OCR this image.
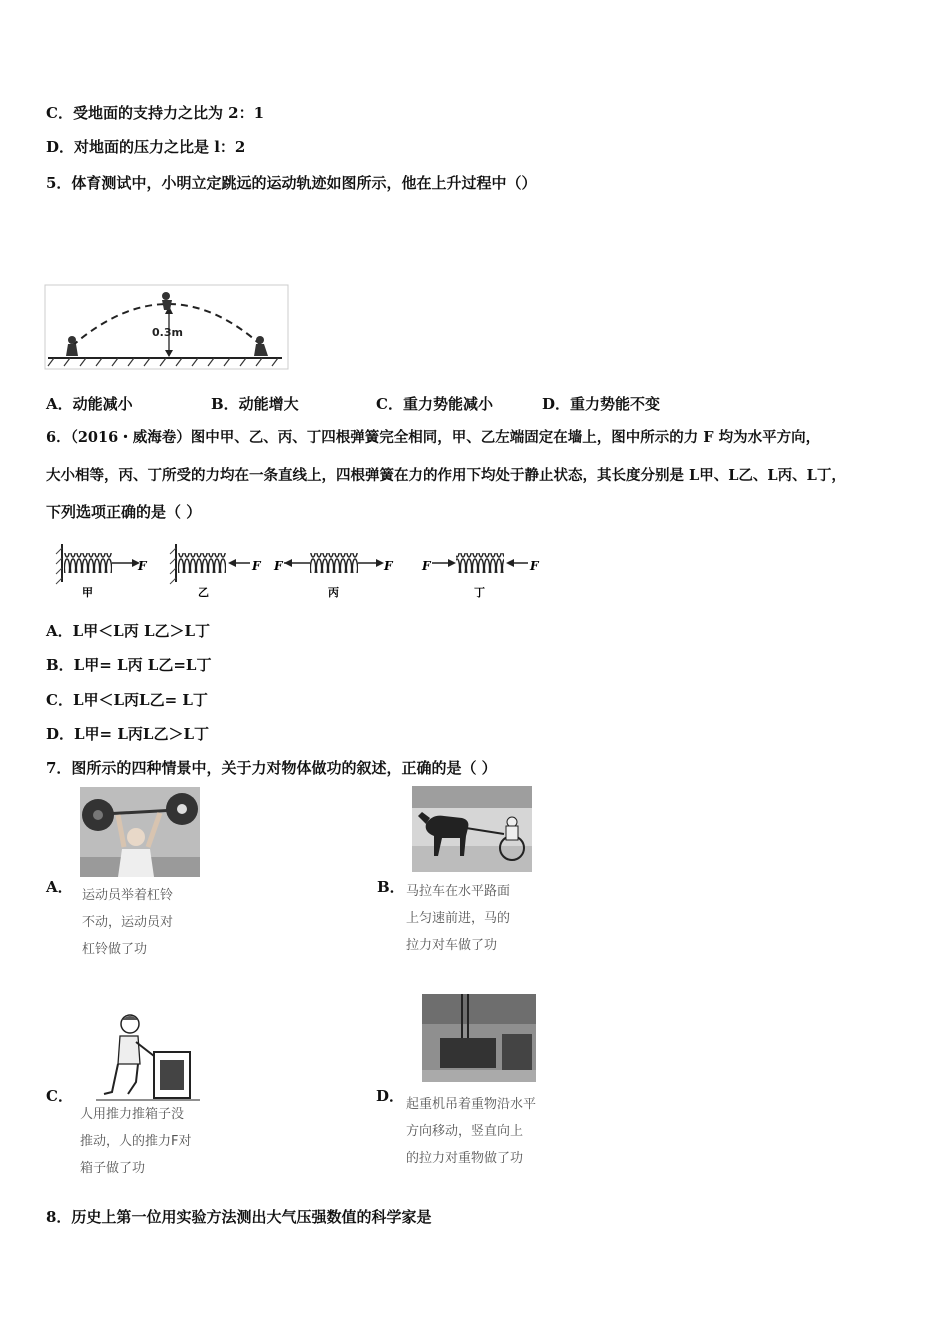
C．受地面的支持力之比为 2：1
D．对地面的压力之比是 l：2
5．体育测试中，小明立定跳远的运动轨迹如图所示，他在上升过程中（）
0.3m
A．动能减小	B．动能增大	C．重力势能减小	D．重力势能不变
6．（2016・威海卷）图中甲、乙、丙、丁四根弹簧完全相同，甲、乙左端固定在墙上，图中所示的力 F 均为水平方向，
大小相等，丙、丁所受的力均在一条直线上，四根弹簧在力的作用下均处于静止状态，其长度分别是 L甲、L乙、L丙、L丁，
下列选项正确的是（ ）
F
甲
F
乙
F	F
丙
F	F
丁
A．L甲＜L丙 L乙＞L丁
B．L甲= L丙 L乙=L丁
C．L甲＜L丙L乙= L丁
D．L甲= L丙L乙＞L丁
7．图所示的四种情景中，关于力对物体做功的叙述，正确的是（ ）
A． 运动员举着杠铃
不动，运动员对
杠铃做了功
B． 马拉车在水平路面
上匀速前进，马的
拉力对车做了功
C．
人用推力推箱子没
推动，人的推力F对
箱子做了功
D． 起重机吊着重物沿水平
方向移动，竖直向上
的拉力对重物做了功
8．历史上第一位用实验方法测出大气压强数值的科学家是
